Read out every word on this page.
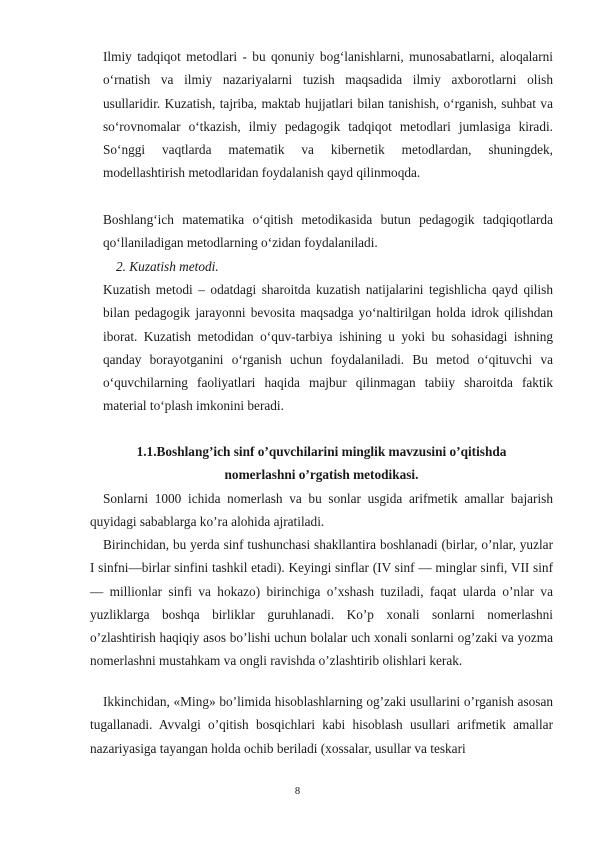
Ilmiy tadqiqot metodlari - bu qonuniy bog‘lanishlarni, munosabatlarni, aloqalarni o‘rnatish va ilmiy nazariyalarni tuzish maqsadida ilmiy axborotlarni olish usullaridir. Kuzatish, tajriba, maktab hujjatlari bilan tanishish, o‘rganish, suhbat va so‘rovnomalar o‘tkazish, ilmiy pedagogik tadqiqot metodlari jumlasiga kiradi. So‘nggi vaqtlarda matematik va kibernetik metodlardan, shuningdek, modellashtirish metodlaridan foydalanish qayd qilinmoqda.
Boshlang‘ich matematika o‘qitish metodikasida butun pedagogik tadqiqotlarda qo‘llaniladigan metodlarning o‘zidan foydalaniladi.
2. Kuzatish metodi.
Kuzatish metodi – odatdagi sharoitda kuzatish natijalarini tegishlicha qayd qilish bilan pedagogik jarayonni bevosita maqsadga yo‘naltirilgan holda idrok qilishdan iborat. Kuzatish metodidan o‘quv-tarbiya ishining u yoki bu sohasidagi ishning qanday borayotganini o‘rganish uchun foydalaniladi. Bu metod o‘qituvchi va o‘quvchilarning faoliyatlari haqida majbur qilinmagan tabiiy sharoitda faktik material to‘plash imkonini beradi.
1.1.Boshlang’ich sinf o’quvchilarini minglik mavzusini o’qitishda
nomerlashni o’rgatish metodikasi.
Sonlarni 1000 ichida nomerlash va bu sonlar usgida arifmetik amallar bajarish quyidagi sabablarga ko’ra alohida ajratiladi.
Birinchidan, bu yerda sinf tushunchasi shakllantira boshlanadi (birlar, o’nlar, yuzlar I sinfni—birlar sinfini tashkil etadi). Keyingi sinflar (IV sinf — minglar sinfi, VII sinf — millionlar sinfi va hokazo) birinchiga o’xshash tuziladi, faqat ularda o’nlar va yuzliklarga boshqa birliklar guruhlanadi. Ko’p xonali sonlarni nomerlashni o’zlashtirish haqiqiy asos bo’lishi uchun bolalar uch xonali sonlarni og’zaki va yozma nomerlashni mustahkam va ongli ravishda o’zlashtirib olishlari kerak.
Ikkinchidan, «Ming» bo’limida hisoblashlarning og’zaki usullarini o’rganish asosan tugallanadi. Avvalgi o’qitish bosqichlari kabi hisoblash usullari arifmetik amallar nazariyasiga tayangan holda ochib beriladi (xossalar, usullar va teskari
8
